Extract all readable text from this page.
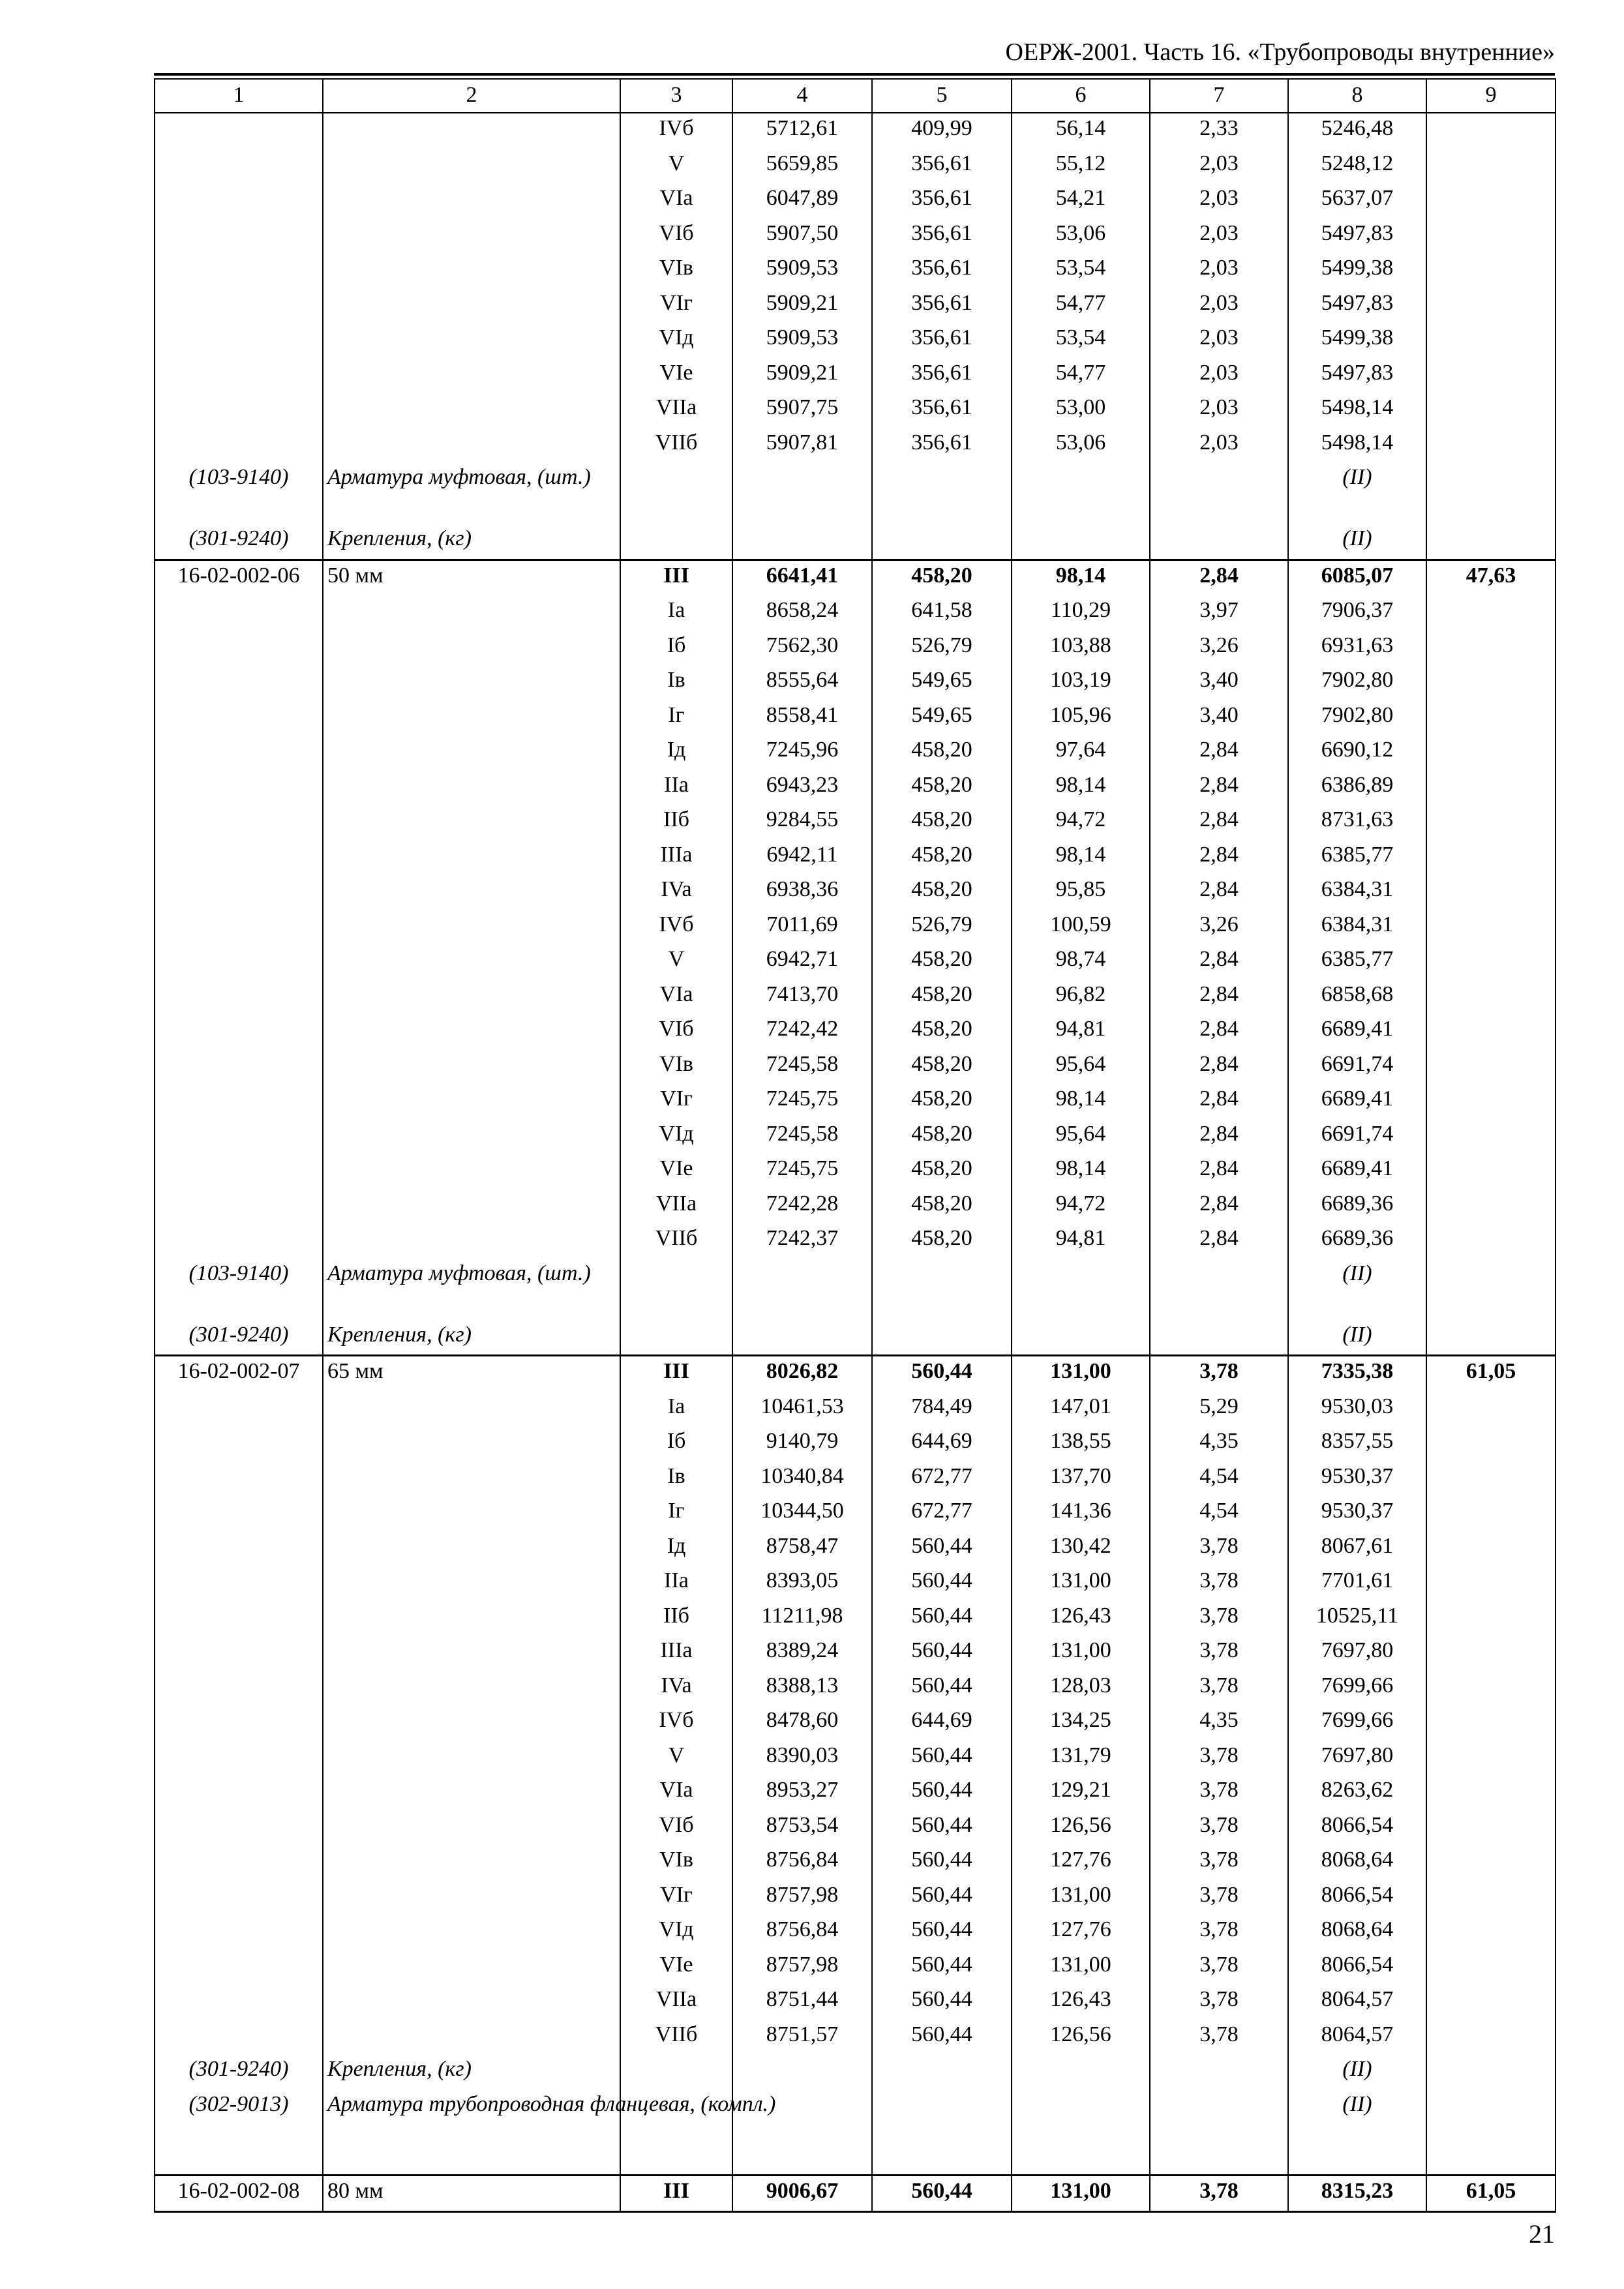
ОЕРЖ-2001. Часть 16. «Трубопроводы внутренние»
1	2	3	4	5	6	7	8	9
		IVб	5712,61	409,99	56,14	2,33	5246,48	
		V	5659,85	356,61	55,12	2,03	5248,12	
		VIa	6047,89	356,61	54,21	2,03	5637,07	
		VIб	5907,50	356,61	53,06	2,03	5497,83	
		VIв	5909,53	356,61	53,54	2,03	5499,38	
		VIг	5909,21	356,61	54,77	2,03	5497,83	
		VIд	5909,53	356,61	53,54	2,03	5499,38	
		VIe	5909,21	356,61	54,77	2,03	5497,83	
		VIIa	5907,75	356,61	53,00	2,03	5498,14	
		VIIб	5907,81	356,61	53,06	2,03	5498,14	
(103-9140)	Арматура муфтовая, (шт.)						(II)	
(301-9240)	Крепления, (кг)						(II)	
16-02-002-06	50 мм	III	6641,41	458,20	98,14	2,84	6085,07	47,63
		Ia	8658,24	641,58	110,29	3,97	7906,37	
		Iб	7562,30	526,79	103,88	3,26	6931,63	
		Iв	8555,64	549,65	103,19	3,40	7902,80	
		Iг	8558,41	549,65	105,96	3,40	7902,80	
		Iд	7245,96	458,20	97,64	2,84	6690,12	
		IIa	6943,23	458,20	98,14	2,84	6386,89	
		IIб	9284,55	458,20	94,72	2,84	8731,63	
		IIIa	6942,11	458,20	98,14	2,84	6385,77	
		IVa	6938,36	458,20	95,85	2,84	6384,31	
		IVб	7011,69	526,79	100,59	3,26	6384,31	
		V	6942,71	458,20	98,74	2,84	6385,77	
		VIa	7413,70	458,20	96,82	2,84	6858,68	
		VIб	7242,42	458,20	94,81	2,84	6689,41	
		VIв	7245,58	458,20	95,64	2,84	6691,74	
		VIг	7245,75	458,20	98,14	2,84	6689,41	
		VIд	7245,58	458,20	95,64	2,84	6691,74	
		VIe	7245,75	458,20	98,14	2,84	6689,41	
		VIIa	7242,28	458,20	94,72	2,84	6689,36	
		VIIб	7242,37	458,20	94,81	2,84	6689,36	
(103-9140)	Арматура муфтовая, (шт.)						(II)	
(301-9240)	Крепления, (кг)						(II)	
16-02-002-07	65 мм	III	8026,82	560,44	131,00	3,78	7335,38	61,05
		Ia	10461,53	784,49	147,01	5,29	9530,03	
		Iб	9140,79	644,69	138,55	4,35	8357,55	
		Iв	10340,84	672,77	137,70	4,54	9530,37	
		Iг	10344,50	672,77	141,36	4,54	9530,37	
		Iд	8758,47	560,44	130,42	3,78	8067,61	
		IIa	8393,05	560,44	131,00	3,78	7701,61	
		IIб	11211,98	560,44	126,43	3,78	10525,11	
		IIIa	8389,24	560,44	131,00	3,78	7697,80	
		IVa	8388,13	560,44	128,03	3,78	7699,66	
		IVб	8478,60	644,69	134,25	4,35	7699,66	
		V	8390,03	560,44	131,79	3,78	7697,80	
		VIa	8953,27	560,44	129,21	3,78	8263,62	
		VIб	8753,54	560,44	126,56	3,78	8066,54	
		VIв	8756,84	560,44	127,76	3,78	8068,64	
		VIг	8757,98	560,44	131,00	3,78	8066,54	
		VIд	8756,84	560,44	127,76	3,78	8068,64	
		VIe	8757,98	560,44	131,00	3,78	8066,54	
		VIIa	8751,44	560,44	126,43	3,78	8064,57	
		VIIб	8751,57	560,44	126,56	3,78	8064,57	
(301-9240)	Крепления, (кг)						(II)	
(302-9013)	Арматура трубопроводная фланцевая, (компл.)						(II)	
16-02-002-08	80 мм	III	9006,67	560,44	131,00	3,78	8315,23	61,05
21
